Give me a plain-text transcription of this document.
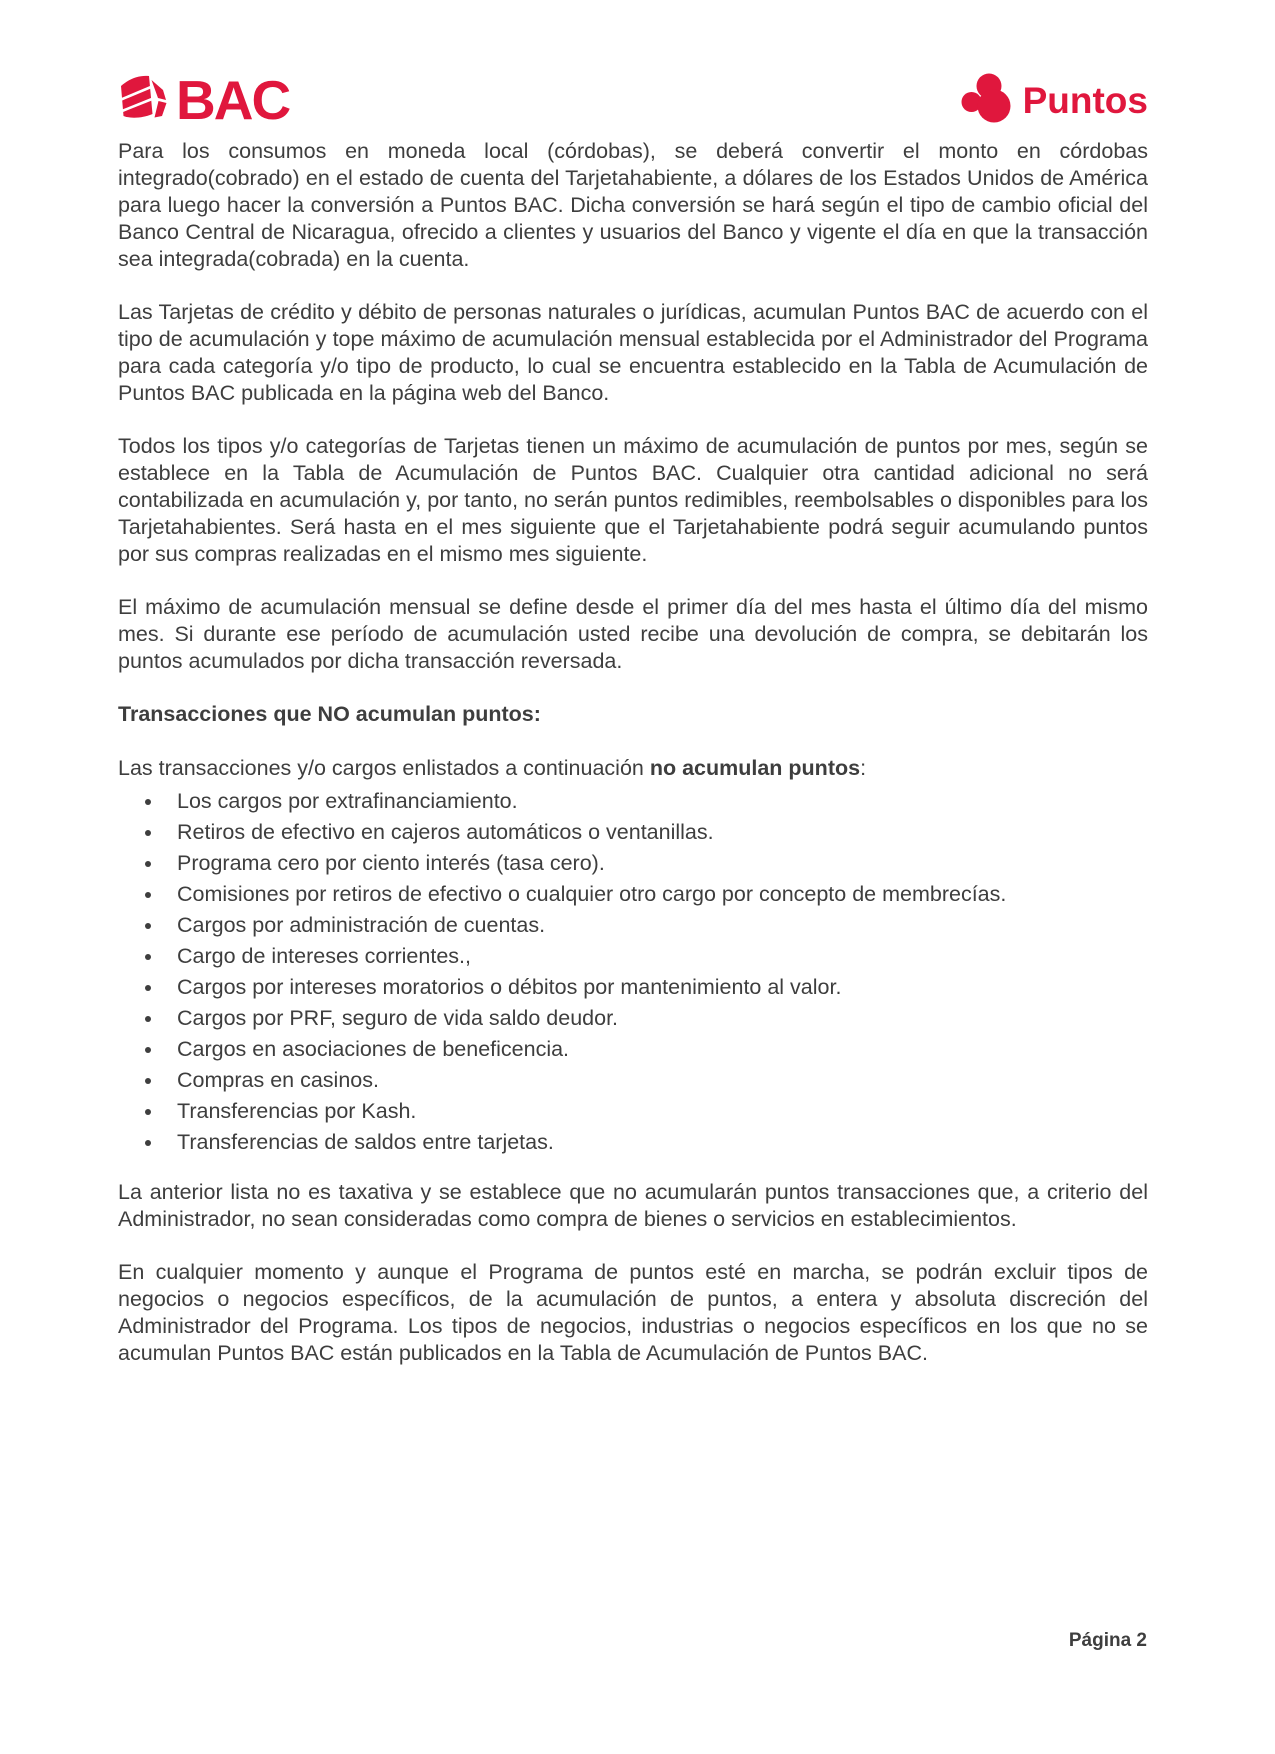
BAC	Puntos

Para los consumos en moneda local (córdobas), se deberá convertir el monto en córdobas integrado(cobrado) en el estado de cuenta del Tarjetahabiente, a dólares de los Estados Unidos de América para luego hacer la conversión a Puntos BAC. Dicha conversión se hará según el tipo de cambio oficial del Banco Central de Nicaragua, ofrecido a clientes y usuarios del Banco y vigente el día en que la transacción sea integrada(cobrada) en la cuenta.

Las Tarjetas de crédito y débito de personas naturales o jurídicas, acumulan Puntos BAC de acuerdo con el tipo de acumulación y tope máximo de acumulación mensual establecida por el Administrador del Programa para cada categoría y/o tipo de producto, lo cual se encuentra establecido en la Tabla de Acumulación de Puntos BAC publicada en la página web del Banco.

Todos los tipos y/o categorías de Tarjetas tienen un máximo de acumulación de puntos por mes, según se establece en la Tabla de Acumulación de Puntos BAC. Cualquier otra cantidad adicional no será contabilizada en acumulación y, por tanto, no serán puntos redimibles, reembolsables o disponibles para los Tarjetahabientes. Será hasta en el mes siguiente que el Tarjetahabiente podrá seguir acumulando puntos por sus compras realizadas en el mismo mes siguiente.

El máximo de acumulación mensual se define desde el primer día del mes hasta el último día del mismo mes. Si durante ese período de acumulación usted recibe una devolución de compra, se debitarán los puntos acumulados por dicha transacción reversada.

Transacciones que NO acumulan puntos:

Las transacciones y/o cargos enlistados a continuación no acumulan puntos:

• Los cargos por extrafinanciamiento.
• Retiros de efectivo en cajeros automáticos o ventanillas.
• Programa cero por ciento interés (tasa cero).
• Comisiones por retiros de efectivo o cualquier otro cargo por concepto de membrecías.
• Cargos por administración de cuentas.
• Cargo de intereses corrientes.,
• Cargos por intereses moratorios o débitos por mantenimiento al valor.
• Cargos por PRF, seguro de vida saldo deudor.
• Cargos en asociaciones de beneficencia.
• Compras en casinos.
• Transferencias por Kash.
• Transferencias de saldos entre tarjetas.

La anterior lista no es taxativa y se establece que no acumularán puntos transacciones que, a criterio del Administrador, no sean consideradas como compra de bienes o servicios en establecimientos.

En cualquier momento y aunque el Programa de puntos esté en marcha, se podrán excluir tipos de negocios o negocios específicos, de la acumulación de puntos, a entera y absoluta discreción del Administrador del Programa. Los tipos de negocios, industrias o negocios específicos en los que no se acumulan Puntos BAC están publicados en la Tabla de Acumulación de Puntos BAC.

Página 2
